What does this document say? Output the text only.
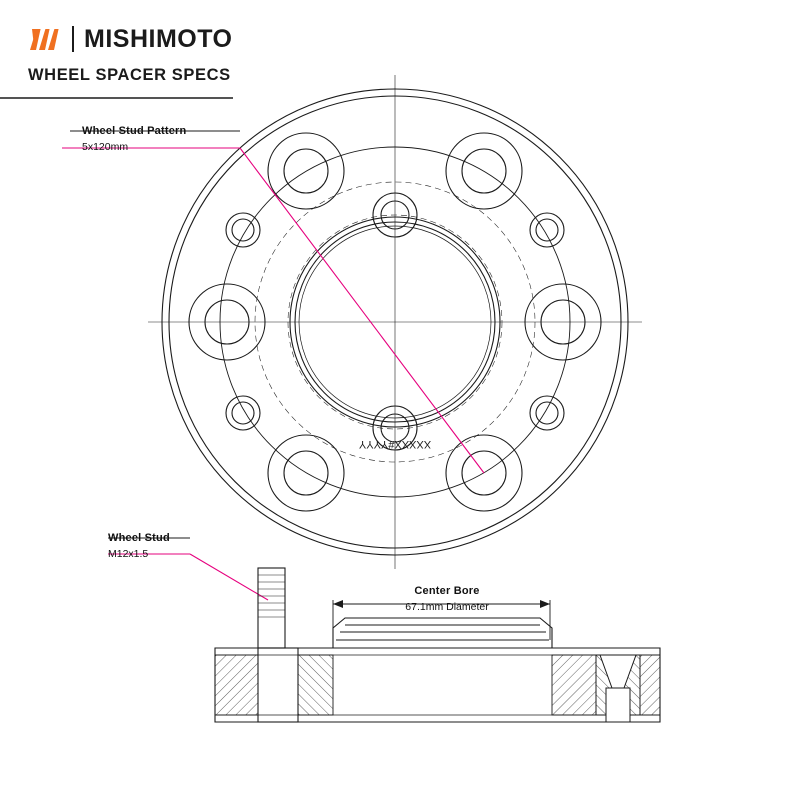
MISHIMOTO
WHEEL SPACER SPECS
XXXXX#YYYY
Wheel Stud Pattern
5x120mm
Wheel Stud
M12x1.5
Center Bore
67.1mm Diameter
